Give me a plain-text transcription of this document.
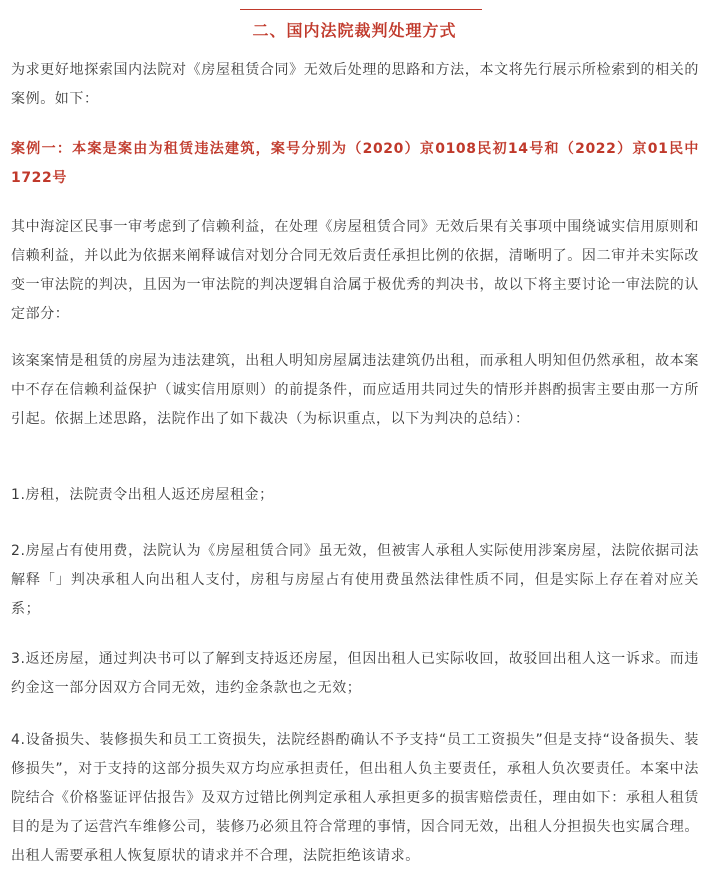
二、国内法院裁判处理方式

为求更好地探索国内法院对《房屋租赁合同》无效后处理的思路和方法，本文将先行展示所检索到的相关的案例。如下：

案例一：本案是案由为租赁违法建筑，案号分别为（2020）京0108民初14号和（2022）京01民中1722号

其中海淀区民事一审考虑到了信赖利益，在处理《房屋租赁合同》无效后果有关事项中围绕诚实信用原则和信赖利益，并以此为依据来阐释诚信对划分合同无效后责任承担比例的依据，清晰明了。因二审并未实际改变一审法院的判决，且因为一审法院的判决逻辑自洽属于极优秀的判决书，故以下将主要讨论一审法院的认定部分：

该案案情是租赁的房屋为违法建筑，出租人明知房屋属违法建筑仍出租，而承租人明知但仍然承租，故本案中不存在信赖利益保护（诚实信用原则）的前提条件，而应适用共同过失的情形并斟酌损害主要由那一方所引起。依据上述思路，法院作出了如下裁决（为标识重点，以下为判决的总结）：

1.房租，法院责令出租人返还房屋租金；

2.房屋占有使用费，法院认为《房屋租赁合同》虽无效，但被害人承租人实际使用涉案房屋，法院依据司法解释「」判决承租人向出租人支付，房租与房屋占有使用费虽然法律性质不同，但是实际上存在着对应关系；

3.返还房屋，通过判决书可以了解到支持返还房屋，但因出租人已实际收回，故驳回出租人这一诉求。而违约金这一部分因双方合同无效，违约金条款也之无效；

4.设备损失、装修损失和员工工资损失，法院经斟酌确认不予支持“员工工资损失”但是支持“设备损失、装修损失”，对于支持的这部分损失双方均应承担责任，但出租人负主要责任，承租人负次要责任。本案中法院结合《价格鉴证评估报告》及双方过错比例判定承租人承担更多的损害赔偿责任，理由如下：承租人租赁目的是为了运营汽车维修公司，装修乃必须且符合常理的事情，因合同无效，出租人分担损失也实属合理。出租人需要承租人恢复原状的请求并不合理，法院拒绝该请求。
